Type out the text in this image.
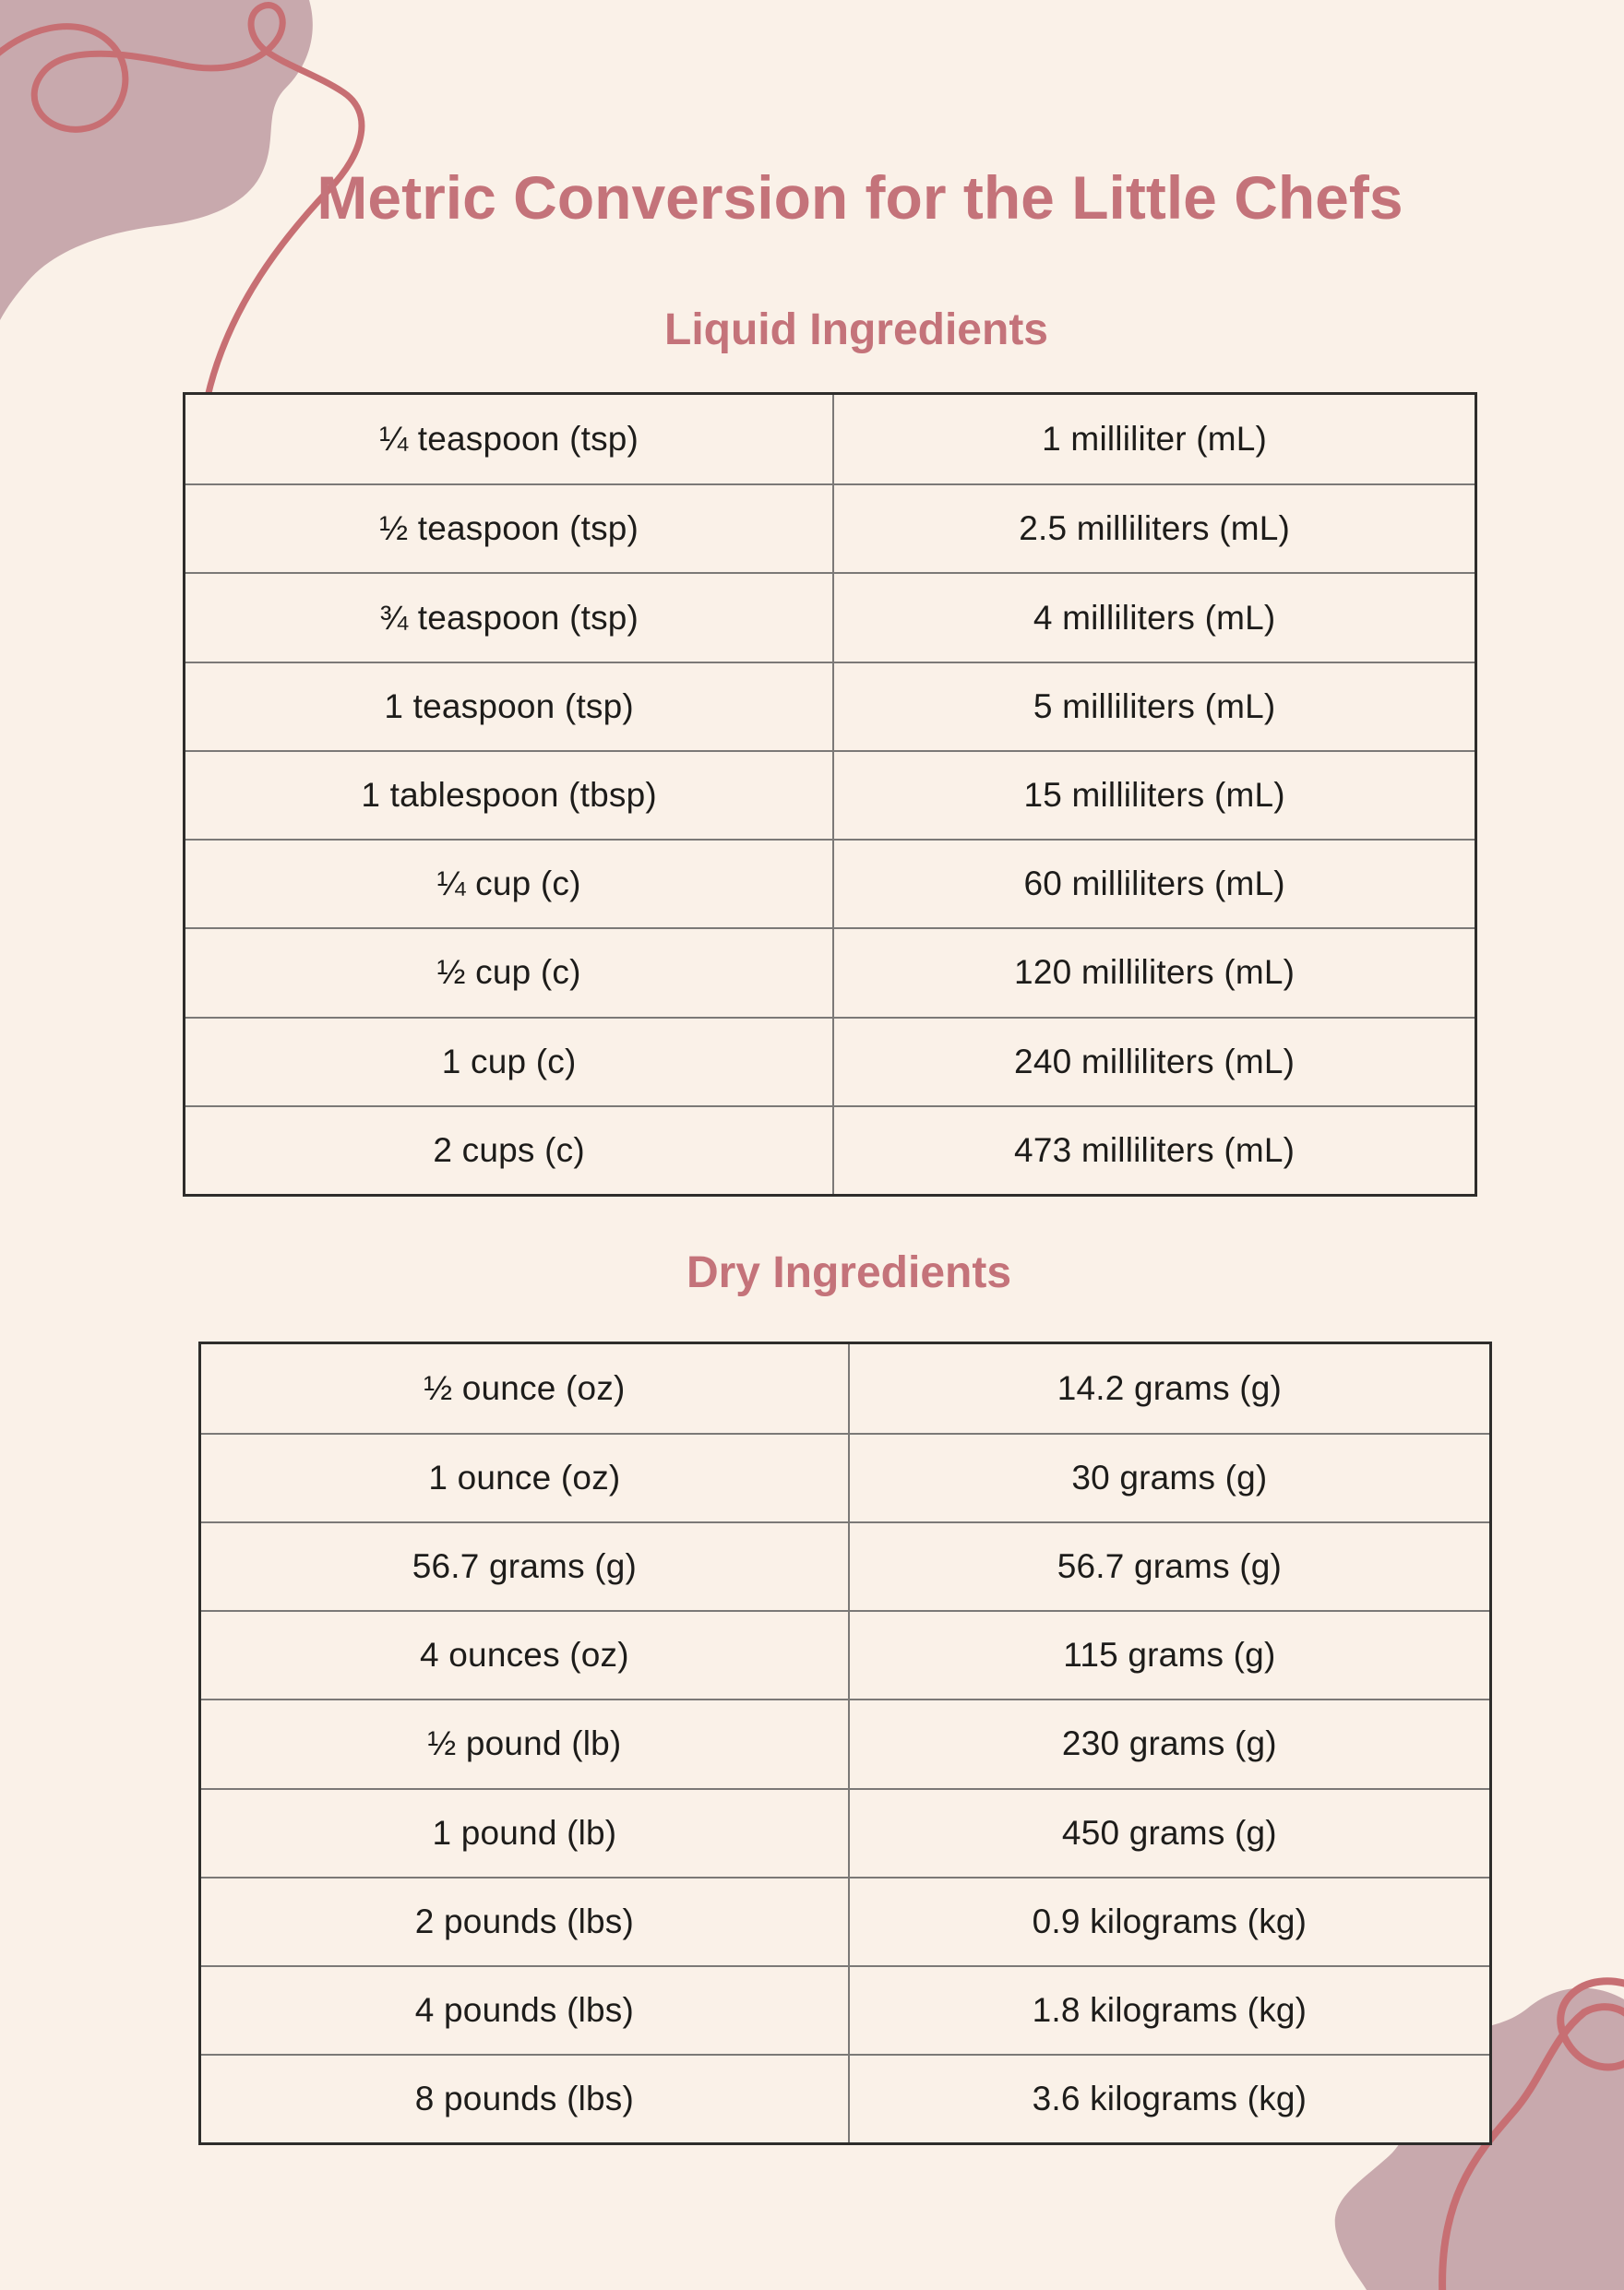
Metric Conversion for the Little Chefs
Liquid Ingredients
¼ teaspoon (tsp)	1 milliliter (mL)
½ teaspoon (tsp)	2.5 milliliters (mL)
¾ teaspoon (tsp)	4 milliliters (mL)
1 teaspoon (tsp)	5 milliliters (mL)
1 tablespoon (tbsp)	15 milliliters (mL)
¼ cup (c)	60 milliliters (mL)
½ cup (c)	120 milliliters (mL)
1 cup (c)	240 milliliters (mL)
2 cups (c)	473 milliliters (mL)
Dry Ingredients
½ ounce (oz)	14.2 grams (g)
1 ounce (oz)	30 grams (g)
56.7 grams (g)	56.7 grams (g)
4 ounces (oz)	115 grams (g)
½ pound (lb)	230 grams (g)
1 pound (lb)	450 grams (g)
2 pounds (lbs)	0.9 kilograms (kg)
4 pounds (lbs)	1.8 kilograms (kg)
8 pounds (lbs)	3.6 kilograms (kg)
